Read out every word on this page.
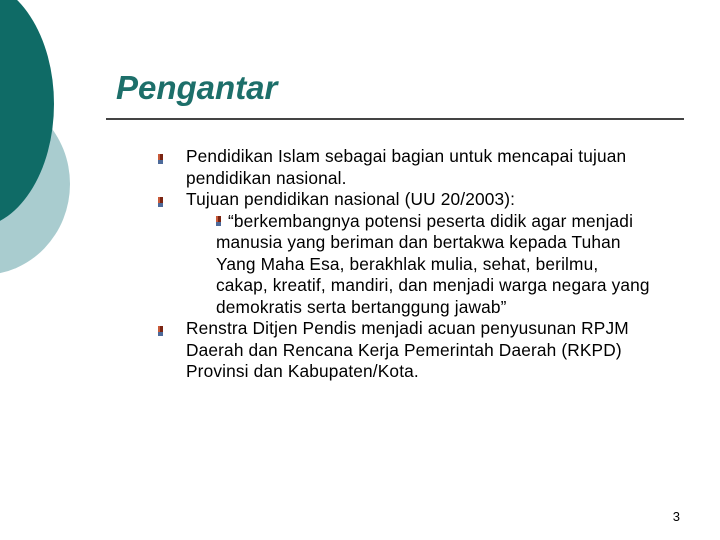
Pengantar
Pendidikan Islam sebagai bagian untuk mencapai tujuan pendidikan nasional.
Tujuan pendidikan nasional (UU 20/2003):
“berkembangnya potensi peserta didik agar menjadi manusia yang beriman dan bertakwa kepada Tuhan Yang Maha Esa, berakhlak mulia, sehat, berilmu, cakap, kreatif, mandiri, dan menjadi warga negara yang demokratis serta bertanggung jawab”
Renstra Ditjen Pendis menjadi acuan penyusunan RPJM Daerah dan Rencana Kerja Pemerintah Daerah (RKPD) Provinsi dan Kabupaten/Kota.
3
